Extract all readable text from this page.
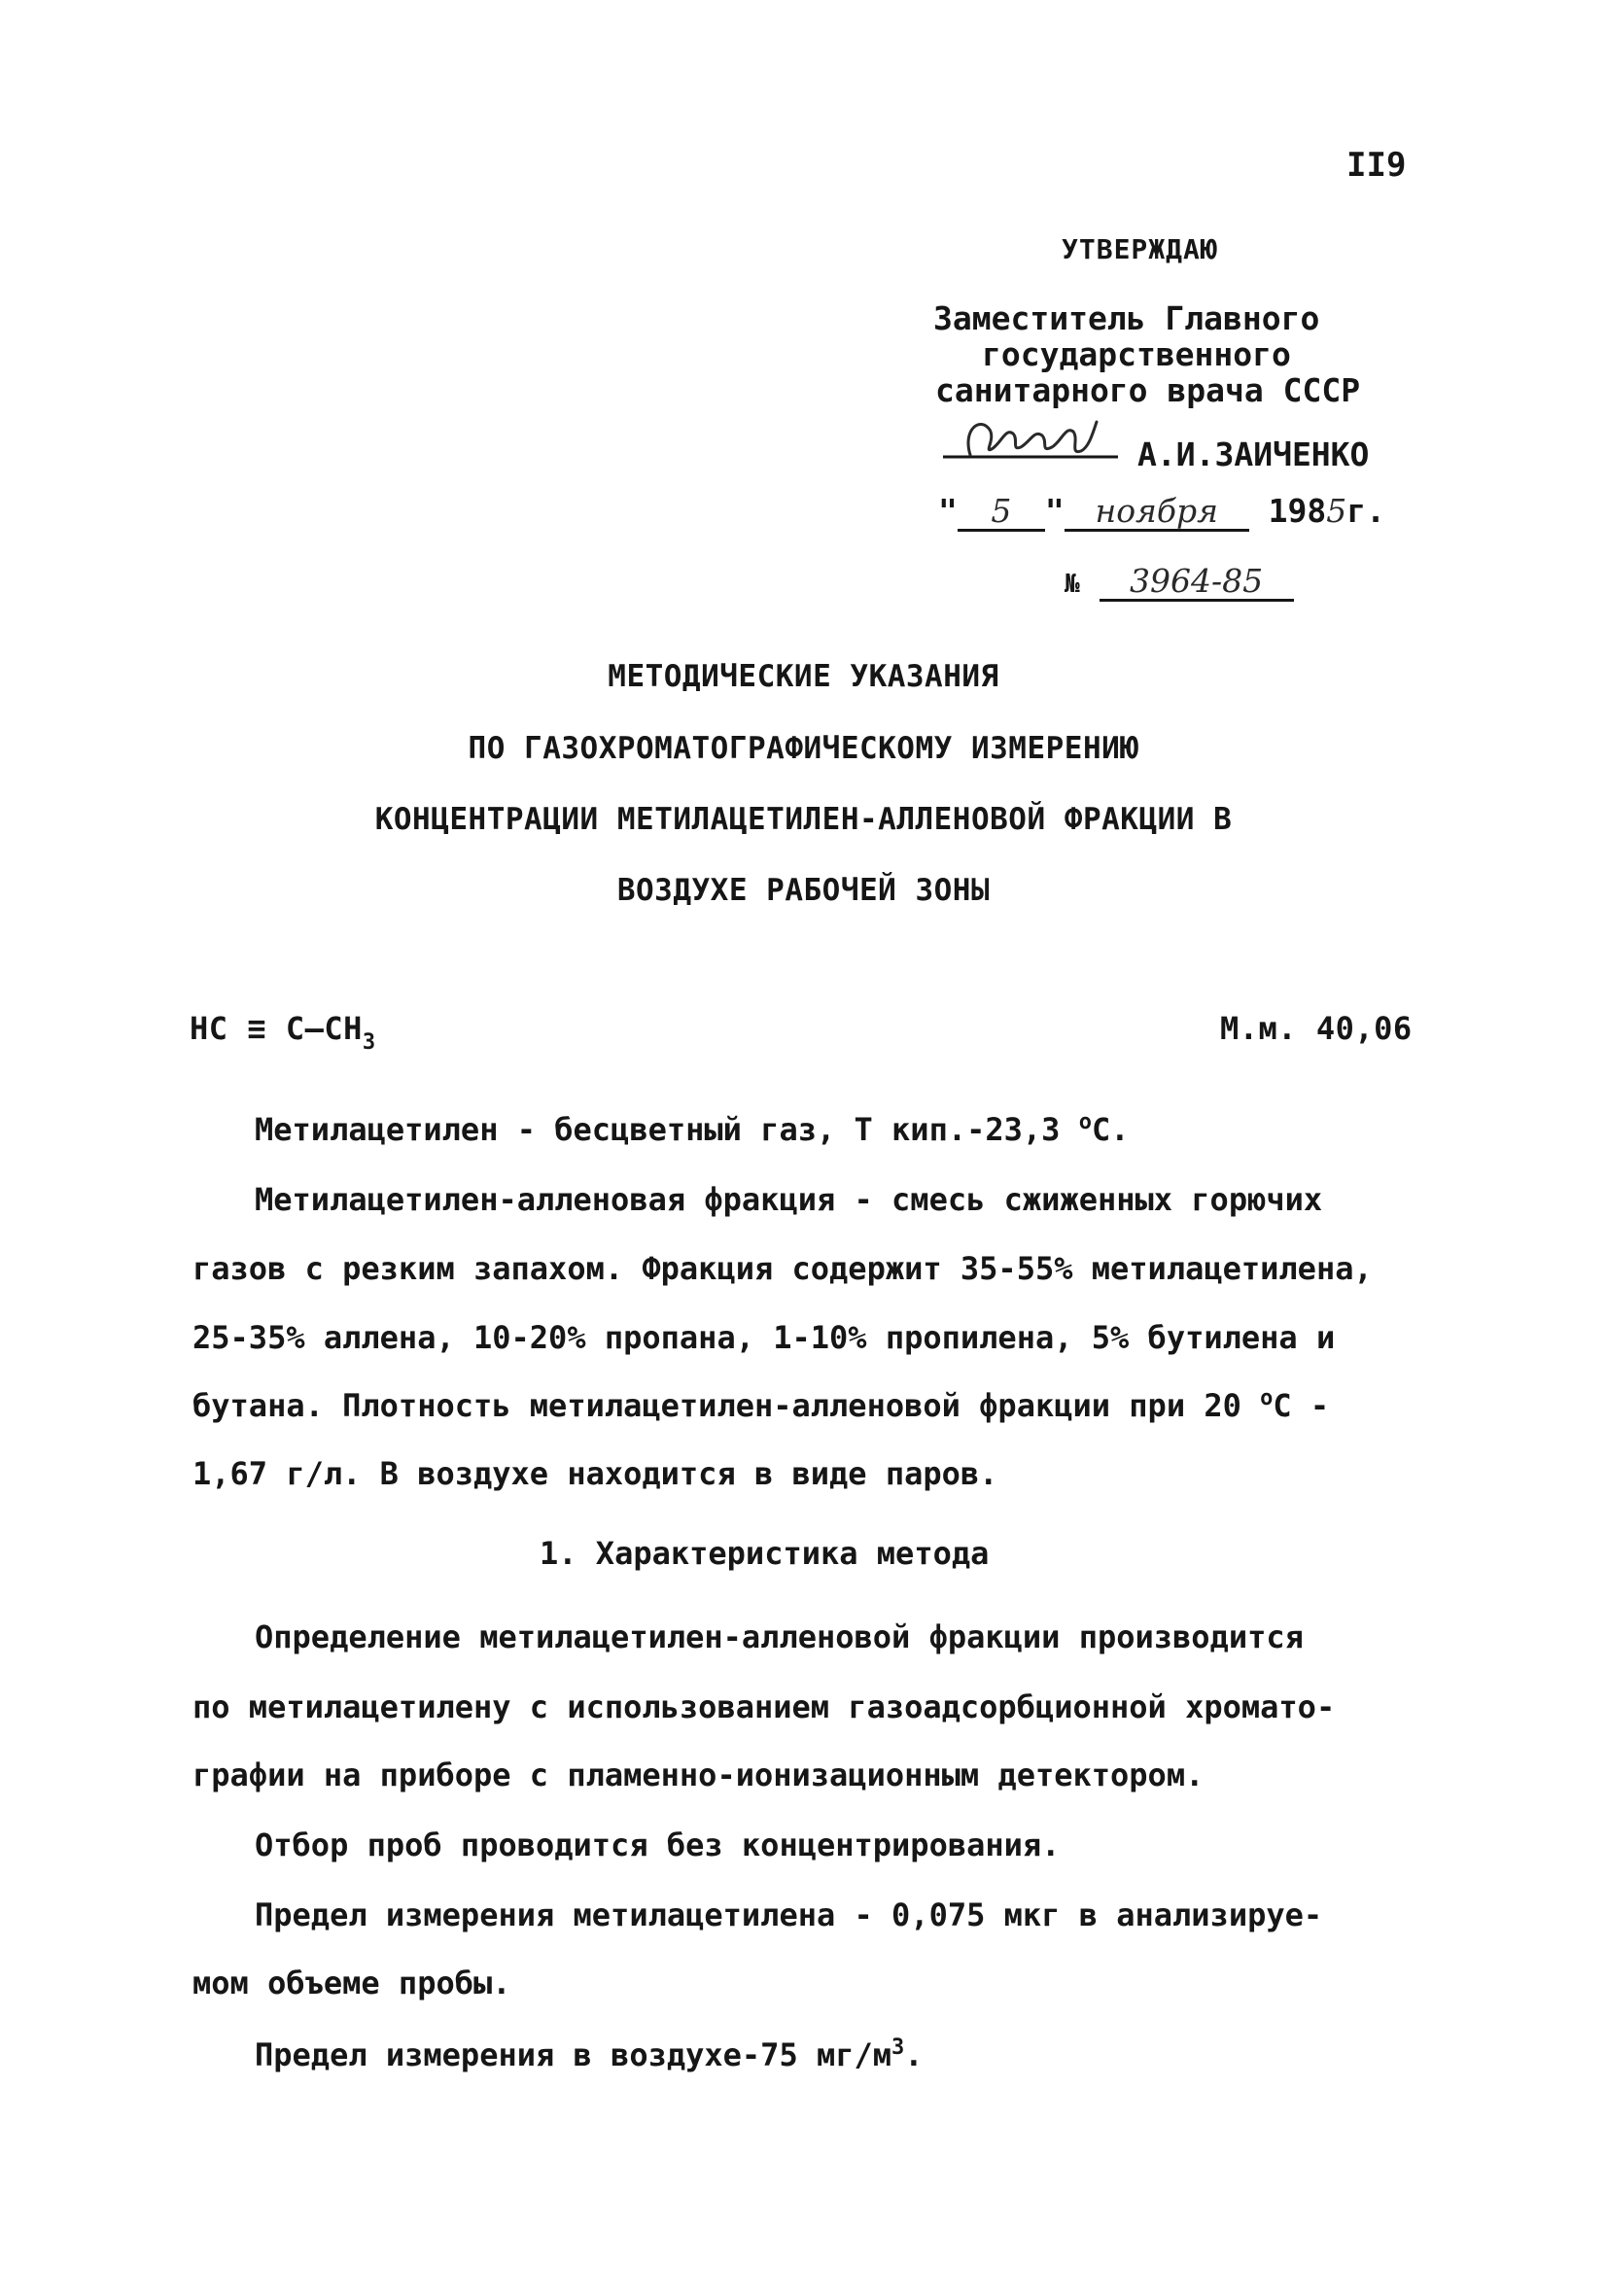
II9
УТВЕРЖДАЮ
Заместитель Главного
государственного
санитарного врача СССР
А.И.ЗАИЧЕНКО
" 5 " ноября 1985г.
№ 3964-85
МЕТОДИЧЕСКИЕ УКАЗАНИЯ
ПО ГАЗОХРОМАТОГРАФИЧЕСКОМУ ИЗМЕРЕНИЮ
КОНЦЕНТРАЦИИ МЕТИЛАЦЕТИЛЕН-АЛЛЕНОВОЙ ФРАКЦИИ В
ВОЗДУХЕ РАБОЧЕЙ ЗОНЫ
НС ≡ $С-СН_3$	М.м. 40,06
Метилацетилен - бесцветный газ, Т кип.-23,3 $^о$С.
Метилацетилен-алленовая фракция - смесь сжиженных горючих
газов с резким запахом. Фракция содержит 35-55% метилацетилена,
25-35% аллена, 10-20% пропана, 1-10% пропилена, 5% бутилена и
бутана. Плотность метилацетилен-алленовой фракции при 20 $^о$С -
1,67 г/л. В воздухе находится в виде паров.
1. Характеристика метода
Определение метилацетилен-алленовой фракции производится
по метилацетилену с использованием газоадсорбционной хромато-
графии на приборе с пламенно-ионизационным детектором.
Отбор проб проводится без концентрирования.
Предел измерения метилацетилена - 0,075 мкг в анализируе-
мом объеме пробы.
Предел измерения в воздухе-75 $мг/м^3$.
